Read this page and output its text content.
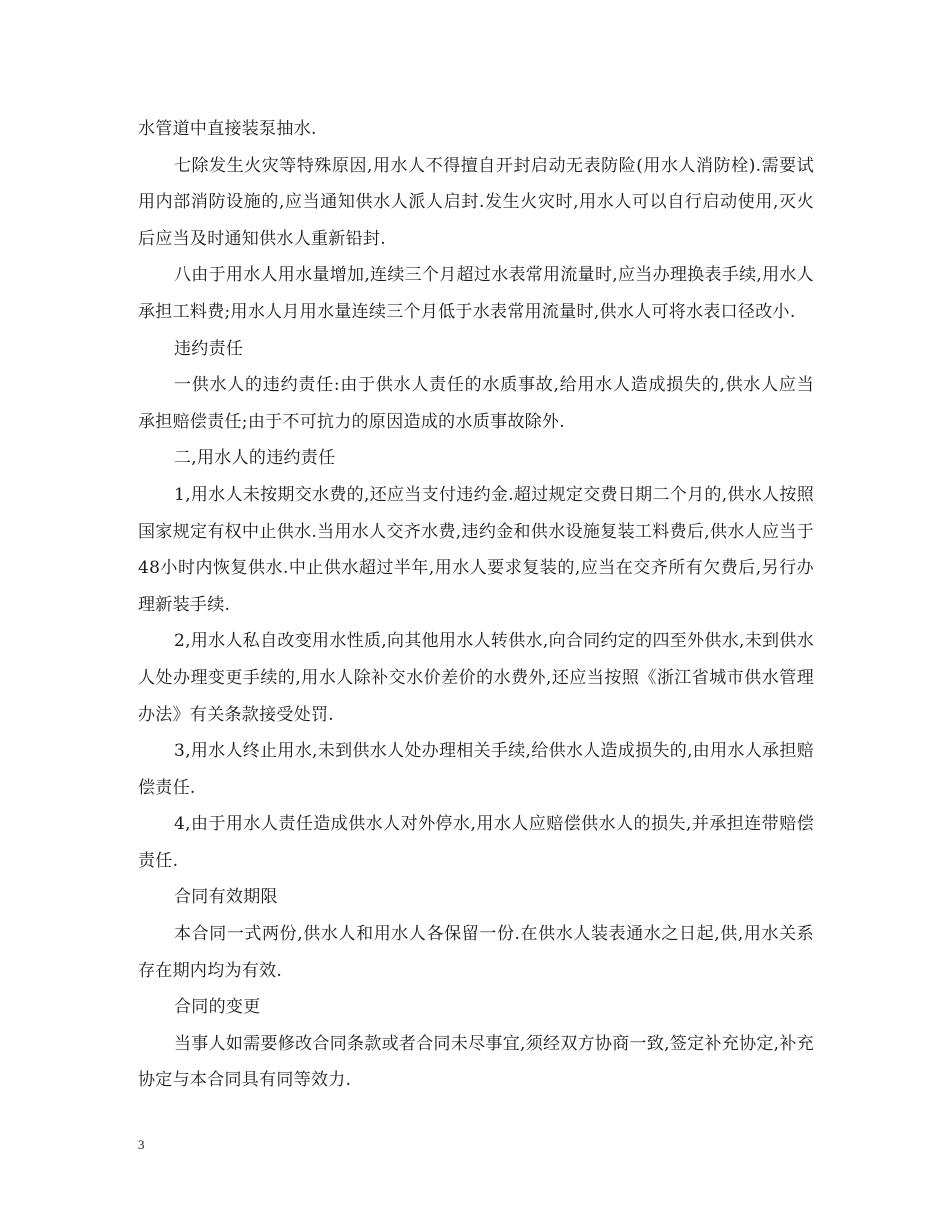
水管道中直接装泵抽水.

七除发生火灾等特殊原因,用水人不得擅自开封启动无表防险(用水人消防栓).需要试用内部消防设施的,应当通知供水人派人启封.发生火灾时,用水人可以自行启动使用,灭火后应当及时通知供水人重新铅封.

八由于用水人用水量增加,连续三个月超过水表常用流量时,应当办理换表手续,用水人承担工料费;用水人月用水量连续三个月低于水表常用流量时,供水人可将水表口径改小.

违约责任

一供水人的违约责任:由于供水人责任的水质事故,给用水人造成损失的,供水人应当承担赔偿责任;由于不可抗力的原因造成的水质事故除外.

二,用水人的违约责任

1,用水人未按期交水费的,还应当支付违约金.超过规定交费日期二个月的,供水人按照国家规定有权中止供水.当用水人交齐水费,违约金和供水设施复装工料费后,供水人应当于48小时内恢复供水.中止供水超过半年,用水人要求复装的,应当在交齐所有欠费后,另行办理新装手续.

2,用水人私自改变用水性质,向其他用水人转供水,向合同约定的四至外供水,未到供水人处办理变更手续的,用水人除补交水价差价的水费外,还应当按照《浙江省城市供水管理办法》有关条款接受处罚.

3,用水人终止用水,未到供水人处办理相关手续,给供水人造成损失的,由用水人承担赔偿责任.

4,由于用水人责任造成供水人对外停水,用水人应赔偿供水人的损失,并承担连带赔偿责任.

合同有效期限

本合同一式两份,供水人和用水人各保留一份.在供水人装表通水之日起,供,用水关系存在期内均为有效.

合同的变更

当事人如需要修改合同条款或者合同未尽事宜,须经双方协商一致,签定补充协定,补充协定与本合同具有同等效力.

3
